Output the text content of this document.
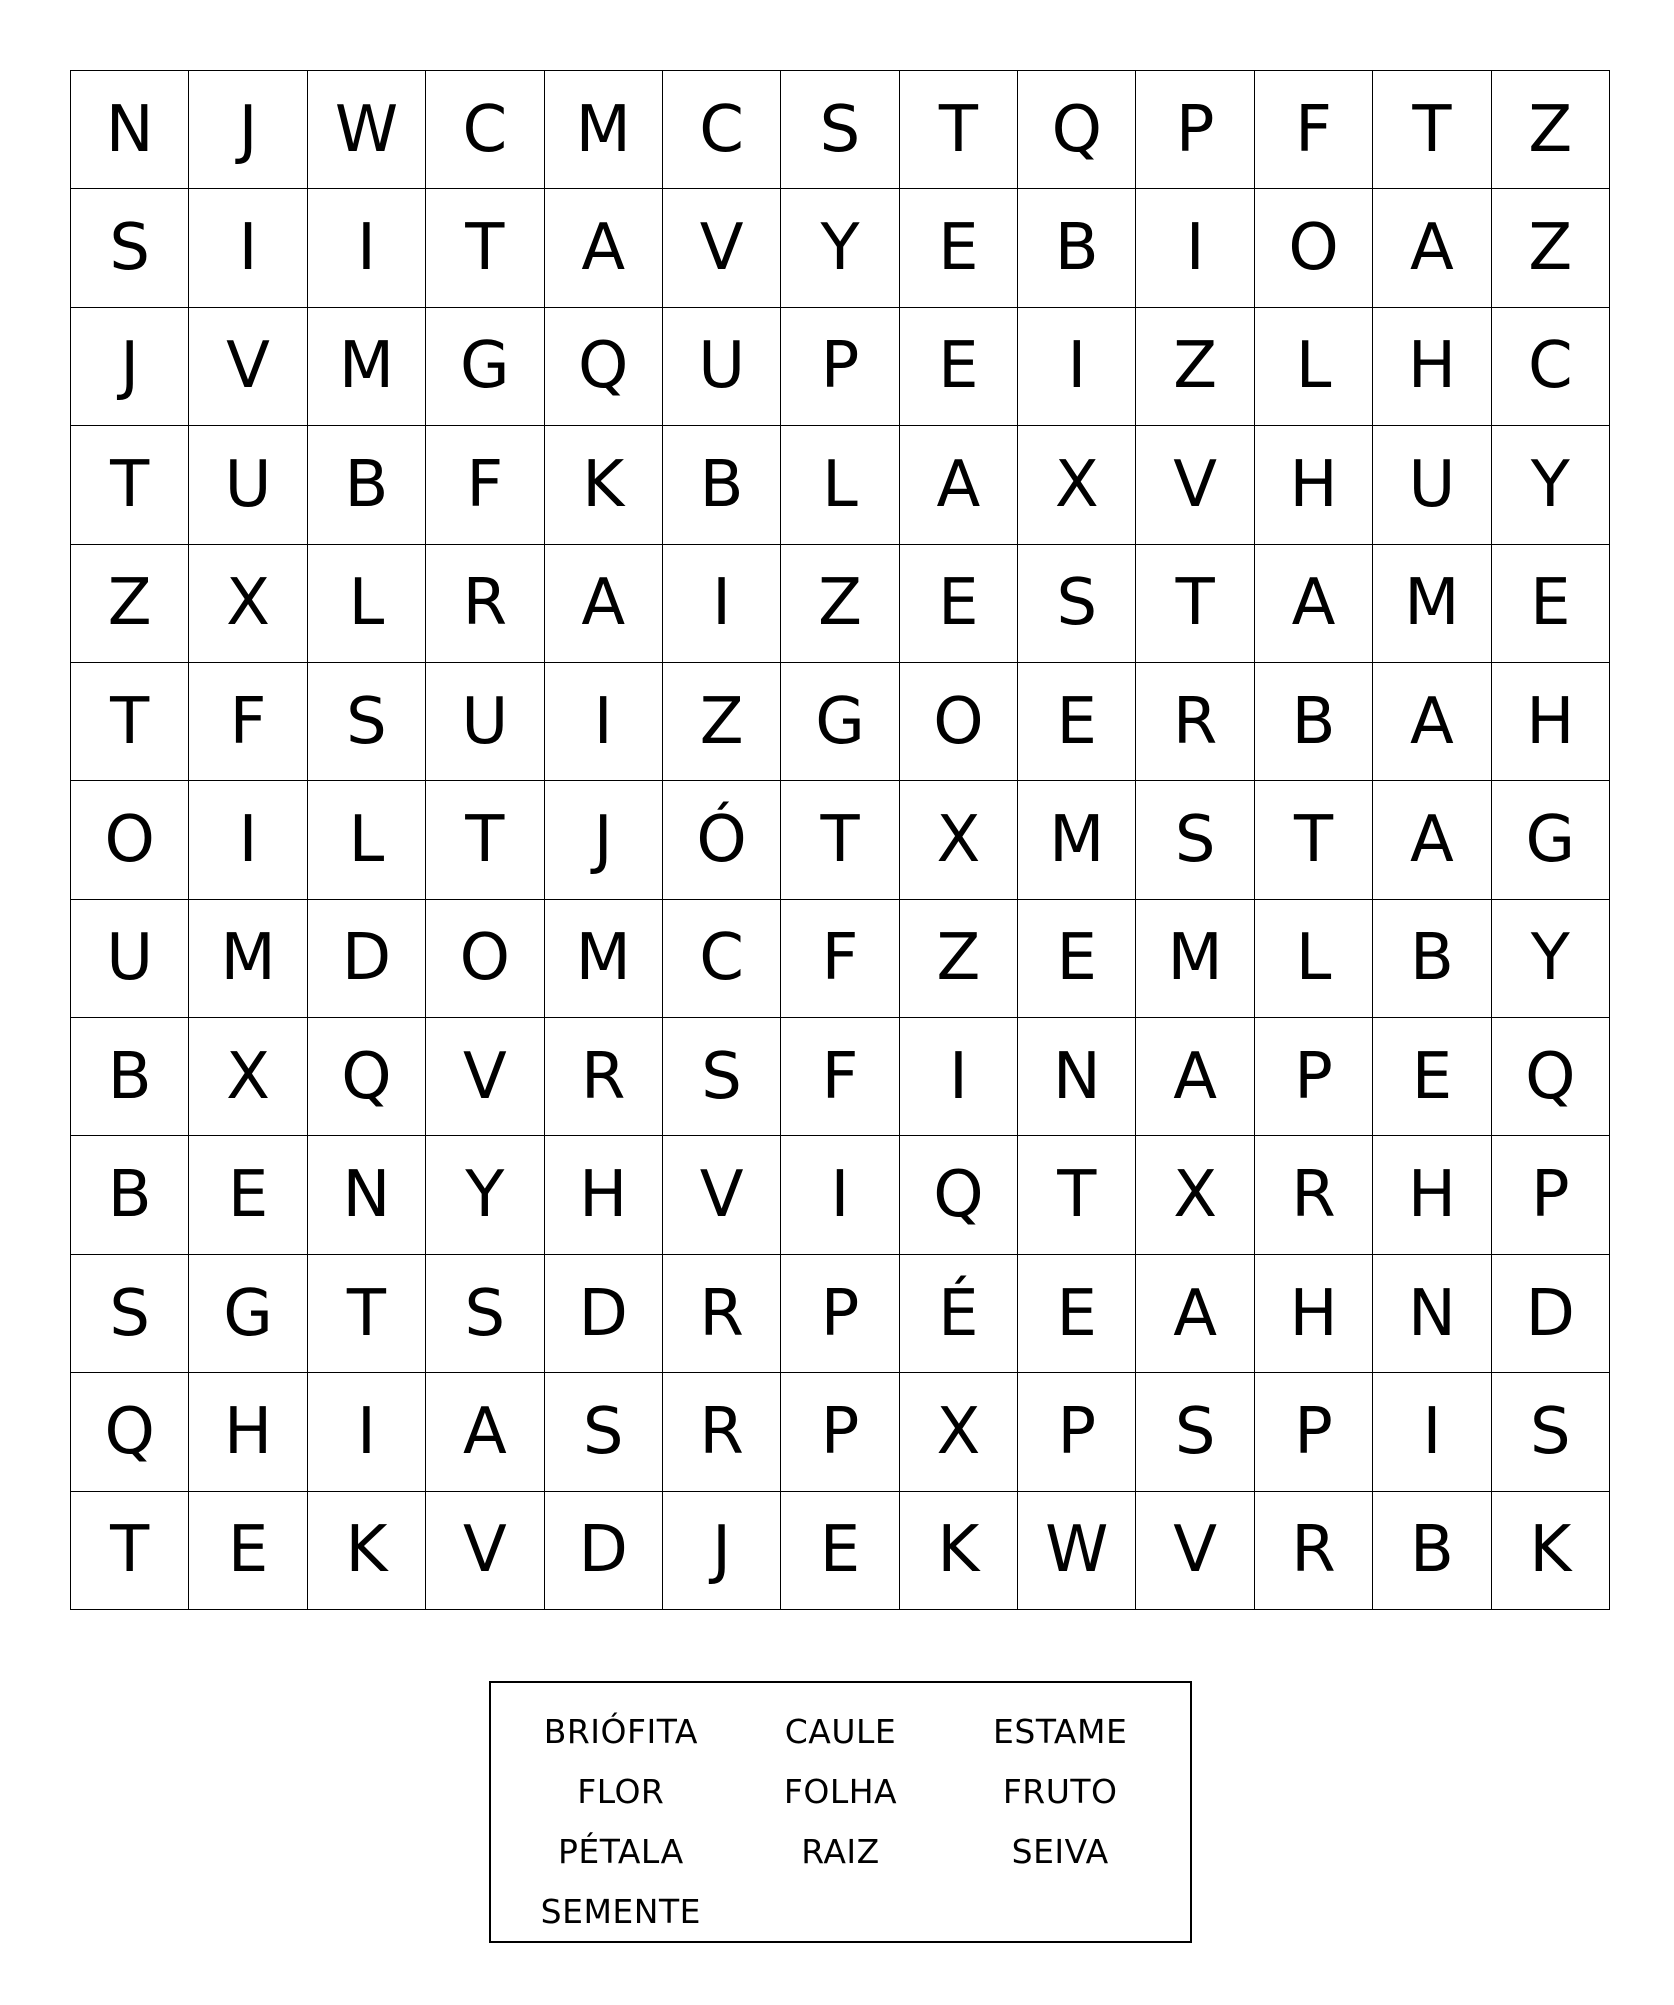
N	J	W	C	M	C	S	T	Q	P	F	T	Z
S	I	I	T	A	V	Y	E	B	I	O	A	Z
J	V	M	G	Q	U	P	E	I	Z	L	H	C
T	U	B	F	K	B	L	A	X	V	H	U	Y
Z	X	L	R	A	I	Z	E	S	T	A	M	E
T	F	S	U	I	Z	G	O	E	R	B	A	H
O	I	L	T	J	Ó	T	X	M	S	T	A	G
U	M	D	O	M	C	F	Z	E	M	L	B	Y
B	X	Q	V	R	S	F	I	N	A	P	E	Q
B	E	N	Y	H	V	I	Q	T	X	R	H	P
S	G	T	S	D	R	P	É	E	A	H	N	D
Q	H	I	A	S	R	P	X	P	S	P	I	S
T	E	K	V	D	J	E	K	W	V	R	B	K
BRIÓFITA	CAULE	ESTAME
FLOR	FOLHA	FRUTO
PÉTALA	RAIZ	SEIVA
SEMENTE
